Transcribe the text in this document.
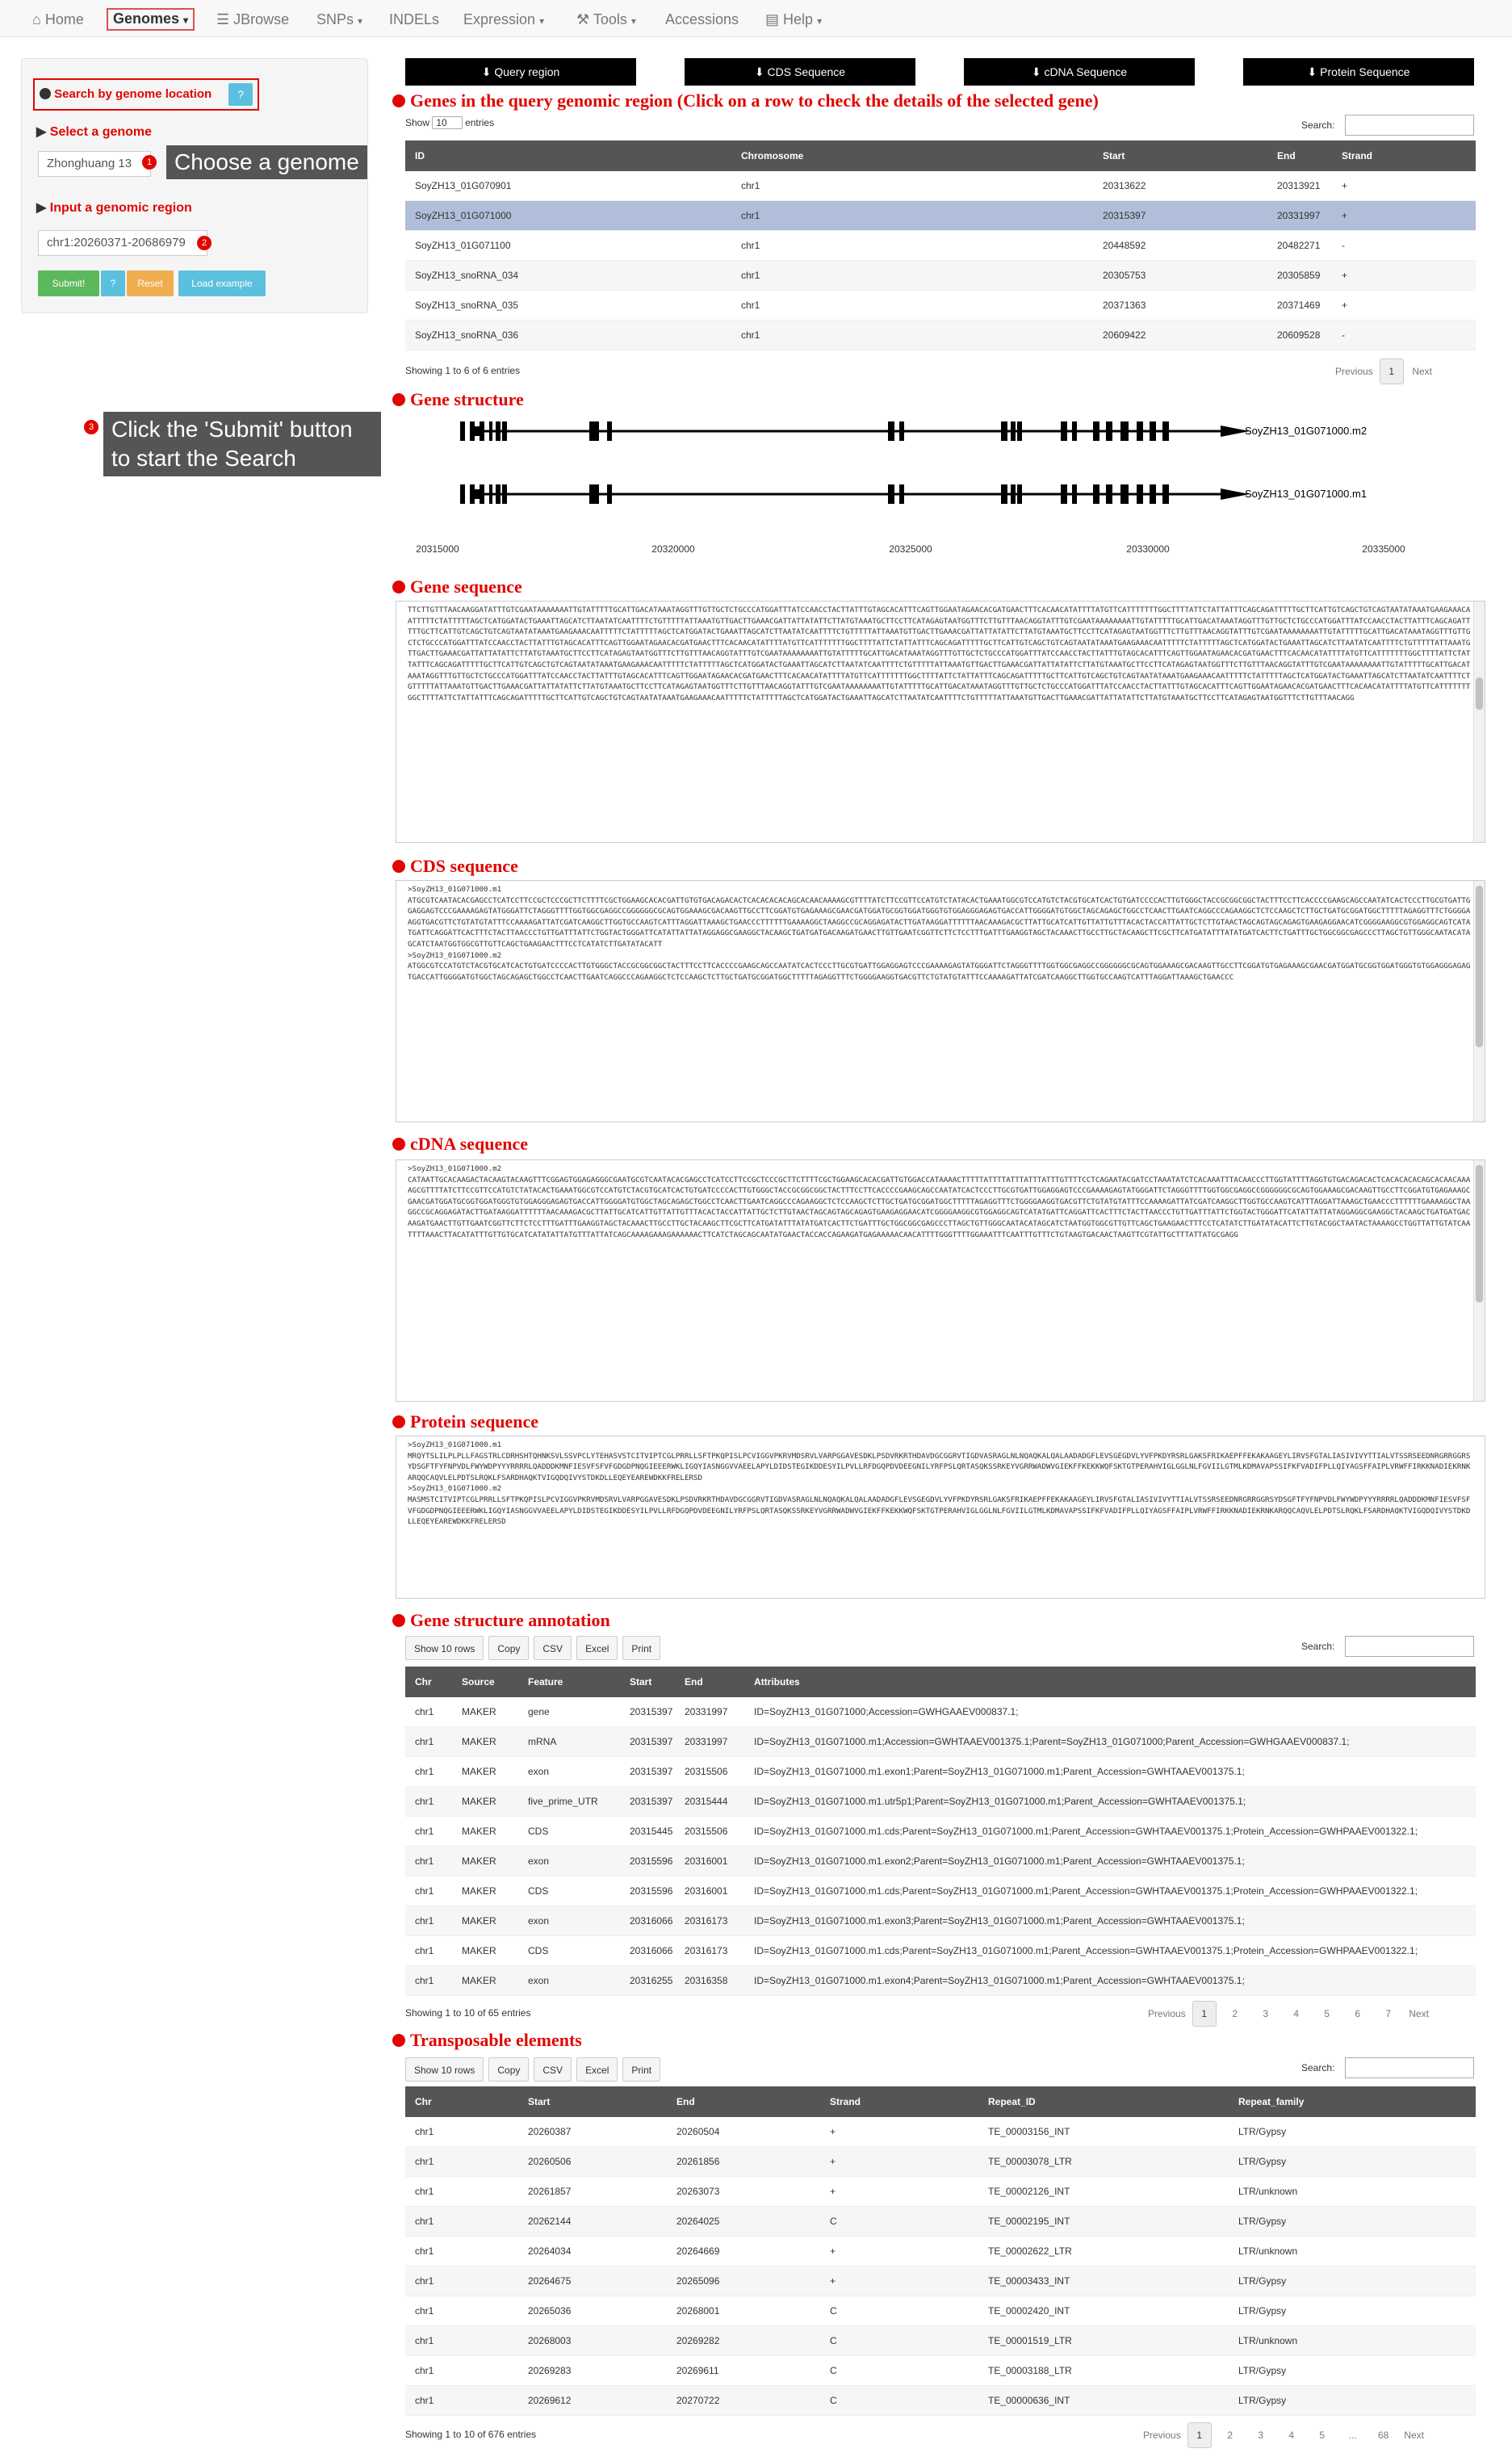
⌂ Home	Genomes ▾	☰ JBrowse SNPs ▾ INDELs Expression ▾ ⚒ Tools ▾ Accessions ▤ Help ▾
Search by genome location	?
▶ Select a genome
Zhonghuang 13
▶ Input a genomic region
chr1:20260371-20686979
Submit!	?	Reset	Load example
1 Choose a genome
2
3 Click the 'Submit' button
to start the Search
⬇ Query region	⬇ CDS Sequence	⬇ cDNA Sequence	⬇ Protein Sequence
Genes in the query genomic region (Click on a row to check the details of the selected gene)
Show 10 entries	Search:
ID	Chromosome	Start	End	Strand
SoyZH13_01G070901	chr1	20313622	20313921 +
SoyZH13_01G071000	chr1	20315397	20331997 +
SoyZH13_01G071100	chr1	20448592	20482271 -
SoyZH13_snoRNA_034	chr1	20305753	20305859 +
SoyZH13_snoRNA_035	chr1	20371363	20371469 +
SoyZH13_snoRNA_036	chr1	20609422	20609528 -
Showing 1 to 6 of 6 entries	Previous 1 Next
Gene structure
SoyZH13_01G071000.m2
SoyZH13_01G071000.m1
20315000	20320000	20325000	20330000	20335000
Gene sequence
TTCTTGTTTAACAAGGATATTTGTCGAATAAAAAAATTGTATTTTTGCATTGACATAAATAGGTTTGTTGCTCTGCCCATGGATTTATCCAACCTACTTATTTGTAGCACATTTCAGTTGGAATAGAACACGATGAACTTTCACAACATATTTTATGTTCATTTTTTTGGCTTTTATTCTATTATTTCAGCAGATTTTTGCTTCATTGTCAGCTGTCAGTAATATAAATGAAGAAACAATTTTTCTATTTTTAGCTCATGGATACTGAAATTAGCATCTTAATATCAATTTTCTGTTTTTATTAAATGTTGACTTGAAACGATTATTATATTCTTATGTAAATGCTTCCTTCATAGAGTAATGGTTTCTTGTTTAACAGGTATTTGTCGAATAAAAAAAATTGTATTTTTGCATTGACATAAATAGGTTTGTTGCTCTGCCCATGGATTTATCCAACCTACTTATTTCAGCAGATTTTTGCTTCATTGTCAGCTGTCAGTAATATAAATGAAGAAACAATTTTTCTATTTTTAGCTCATGGATACTGAAATTAGCATCTTAATATCAATTTTCTGTTTTTATTAAATGTTGACTTGAAACGATTATTATATTCTTATGTAAATGCTTCCTTCATAGAGTAATGGTTTCTTGTTTAACAGGTATTTGTCGAATAAAAAAAATTGTATTTTTGCATTGACATAAATAGGTTTGTTGCTCTGCCCATGGATTTATCCAACCTACTTATTTGTAGCACATTTCAGTTGGAATAGAACACGATGAACTTTCACAACATATTTTATGTTCATTTTTTTGGCTTTTATTCTATTATTTCAGCAGATTTTTGCTTCATTGTCAGCTGTCAGTAATATAAATGAAGAAACAATTTTTCTATTTTTAGCTCATGGATACTGAAATTAGCATCTTAATATCAATTTTCTGTTTTTATTAAATGTTGACTTGAAACGATTATTATATTCTTATGTAAATGCTTCCTTCATAGAGTAATGGTTTCTTGTTTAACAGGTATTTGTCGAATAAAAAAAATTGTATTTTTGCATTGACATAAATAGGTTTGTTGCTCTGCCCATGGATTTATCCAACCTACTTATTTGTAGCACATTTCAGTTGGAATAGAACACGATGAACTTTCACAACATATTTTATGTTCATTTTTTTGGCTTTTATTCTATTATTTCAGCAGATTTTTGCTTCATTGTCAGCTGTCAGTAATATAAATGAAGAAACAATTTTTCTATTTTTAGCTCATGGATACTGAAATTAGCATCTTAATATCAATTTTCTGTTTTTATTAAATGTTGACTTGAAACGATTATTATATTCTTATGTAAATGCTTCCTTCATAGAGTAATGGTTTCTTGTTTAACAGGTATTTGTCGAATAAAAAAAATTGTATTTTTGCATTGACATAAATAGGTTTGTTGCTCTGCCCATGGATTTATCCAACCTACTTATTTGTAGCACATTTCAGTTGGAATAGAACACGATGAACTTTCACAACATATTTTATGTTCATTTTTTTGGCTTTTATTCTATTATTTCAGCAGATTTTTGCTTCATTGTCAGCTGTCAGTAATATAAATGAAGAAACAATTTTTCTATTTTTAGCTCATGGATACTGAAATTAGCATCTTAATATCAATTTTCTGTTTTTATTAAATGTTGACTTGAAACGATTATTATATTCTTATGTAAATGCTTCCTTCATAGAGTAATGGTTTCTTGTTTAACAGGTATTTGTCGAATAAAAAAAATTGTATTTTTGCATTGACATAAATAGGTTTGTTGCTCTGCCCATGGATTTATCCAACCTACTTATTTGTAGCACATTTCAGTTGGAATAGAACACGATGAACTTTCACAACATATTTTATGTTCATTTTTTTGGCTTTTATTCTATTATTTCAGCAGATTTTTGCTTCATTGTCAGCTGTCAGTAATATAAATGAAGAAACAATTTTTCTATTTTTAGCTCATGGATACTGAAATTAGCATCTTAATATCAATTTTCTGTTTTTATTAAATGTTGACTTGAAACGATTATTATATTCTTATGTAAATGCTTCCTTCATAGAGTAATGGTTTCTTGTTTAACAGG
CDS sequence
>SoyZH13_01G071000.m1
ATGCGTCAATACACGAGCCTCATCCTTCCGCTCCCGCTTCTTTTCGCTGGAAGCACACGATTGTGTGACAGACACTCACACACACAGCACAACAAAAGCGTTTTATCTTCCGTTCCATGTCTATACACTGAAATGGCGTCCATGTCTACGTGCATCACTGTGATCCCCACTTGTGGGCTACCGCGGCGGCTACTTTCCTTCACCCCGAAGCAGCCAATATCACTCCCTTGCGTGATTGGAGGAGTCCCGAAAAGAGTATGGGATTCTAGGGTTTTGGTGGCGAGGCCGGGGGGCGCAGTGGAAAGCGACAAGTTGCCTTCGGATGTGAGAAAGCGAACGATGGATGCGGTGGATGGGTGTGGAGGGAGAGTGACCATTGGGGATGTGGCTAGCAGAGCTGGCCTCAACTTGAATCAGGCCCAGAAGGCTCTCCAAGCTCTTGCTGATGCGGATGGCTTTTTAGAGGTTTCTGGGGAAGGTGACGTTCTGTATGTATTTCCAAAAGATTATCGATCAAGGCTTGGTGCCAAGTCATTTAGGATTAAAGCTGAACCCTTTTTTGAAAAGGCTAAGGCCGCAGGAGATACTTGATAAGGATTTTTTAACAAAGACGCTTATTGCATCATTGTTATTGTTTACACTACCATTATTGCTCTTGTAACTAGCAGTAGCAGAGTGAAGAGGAACATCGGGGAAGGCGTGGAGGCAGTCATATGATTCAGGATTCACTTTCTACTTAACCCTGTTGATTTATTCTGGTACTGGGATTCATATTATTATAGGAGGCGAAGGCTACAAGCTGATGATGACAAGATGAACTTGTTGAATCGGTTCTTCTCCTTTGATTTGAAGGTAGCTACAAACTTGCCTTGCTACAAGCTTCGCTTCATGATATTTATATGATCACTTCTGATTTGCTGGCGGCGAGCCCTTAGCTGTTGGGCAATACATAGCATCTAATGGTGGCGTTGTTCAGCTGAAGAACTTTCCTCATATCTTGATATACATT
>SoyZH13_01G071000.m2
ATGGCGTCCATGTCTACGTGCATCACTGTGATCCCCACTTGTGGGCTACCGCGGCGGCTACTTTCCTTCACCCCGAAGCAGCCAATATCACTCCCTTGCGTGATTGGAGGAGTCCCGAAAAGAGTATGGGATTCTAGGGTTTTGGTGGCGAGGCCGGGGGGCGCAGTGGAAAGCGACAAGTTGCCTTCGGATGTGAGAAAGCGAACGATGGATGCGGTGGATGGGTGTGGAGGGAGAGTGACCATTGGGGATGTGGCTAGCAGAGCTGGCCTCAACTTGAATCAGGCCCAGAAGGCTCTCCAAGCTCTTGCTGATGCGGATGGCTTTTTAGAGGTTTCTGGGGAAGGTGACGTTCTGTATGTATTTCCAAAAGATTATCGATCAAGGCTTGGTGCCAAGTCATTTAGGATTAAAGCTGAACCC
cDNA sequence
>SoyZH13_01G071000.m2
CATAATTGCACAAGACTACAAGTACAAGTTTCGGAGTGGAGAGGGCGAATGCGTCAATACACGAGCCTCATCCTTCCGCTCCCGCTTCTTTTCGCTGGAAGCACACGATTGTGGACCATAAAACTTTTTATTTTATTTATTTATTTGTTTTCCTCAGAATACGATCCTAAATATCTCACAAATTTACAACCCTTGGTATTTTAGGTGTGACAGACACTCACACACACAGCACAACAAAAGCGTTTTATCTTCCGTTCCATGTCTATACACTGAAATGGCGTCCATGTCTACGTGCATCACTGTGATCCCCACTTGTGGGCTACCGCGGCGGCTACTTTCCTTCACCCCGAAGCAGCCAATATCACTCCCTTGCGTGATTGGAGGAGTCCCGAAAAGAGTATGGGATTCTAGGGTTTTGGTGGCGAGGCCGGGGGGCGCAGTGGAAAGCGACAAGTTGCCTTCGGATGTGAGAAAGCGAACGATGGATGCGGTGGATGGGTGTGGAGGGAGAGTGACCATTGGGGATGTGGCTAGCAGAGCTGGCCTCAACTTGAATCAGGCCCAGAAGGCTCTCCAAGCTCTTGCTGATGCGGATGGCTTTTTAGAGGTTTCTGGGGAAGGTGACGTTCTGTATGTATTTCCAAAAGATTATCGATCAAGGCTTGGTGCCAAGTCATTTAGGATTAAAGCTGAACCCTTTTTTGAAAAGGCTAAGGCCGCAGGAGATACTTGATAAGGATTTTTTAACAAAGACGCTTATTGCATCATTGTTATTGTTTACACTACCATTATTGCTCTTGTAACTAGCAGTAGCAGAGTGAAGAGGAACATCGGGGAAGGCGTGGAGGCAGTCATATGATTCAGGATTCACTTTCTACTTAACCCTGTTGATTTATTCTGGTACTGGGATTCATATTATTATAGGAGGCGAAGGCTACAAGCTGATGATGACAAGATGAACTTGTTGAATCGGTTCTTCTCCTTTGATTTGAAGGTAGCTACAAACTTGCCTTGCTACAAGCTTCGCTTCATGATATTTATATGATCACTTCTGATTTGCTGGCGGCGAGCCCTTAGCTGTTGGGCAATACATAGCATCTAATGGTGGCGTTGTTCAGCTGAAGAACTTTCCTCATATCTTGATATACATTCTTGTACGGCTAATACTAAAAGCCTGGTTATTGTATCAATTTTAAACTTACATATTTGTTGTGCATCATATATTATGTTTATTATCAGCAAAAGAAAGAAAAAACTTCATCTAGCAGCAATATGAACTACCACCAGAAGATGAGAAAAACAACATTTTGGGTTTTGGAAATTTCAATTTGTTTCTGTAAGTGACAACTAAGTTCGTATTGCTTTATTATGCGAGG
Protein sequence
>SoyZH13_01G071000.m1
MRQYTSLILPLPLLFAGSTRLCDRHSHTQHNKSVLSSVPCLYTEHASVSTCITVIPTCGLPRRLLSFTPKQPISLPCVIGGVPKRVMDSRVLVARPGGAVESDKLPSDVRKRTHDAVDGCGGRVTIGDVASRAGLNLNQAQKALQALAADADGFLEVSGEGDVLYVFPKDYRSRLGAKSFRIKAEPFFEKAKAAGEYLIRVSFGTALIASIVIVYTTIALVTSSRSEEDNRGRRGGRSYDSGFTFYFNPVDLFWYWDPYYYRRRRLQADDDKMNFIESVFSFVFGDGDPNQGIEEERWKLIGQYIASNGGVVAEELAPYLDIDSTEGIKDDESYILPVLLRFDGQPDVDEEGNILYRFPSLQRTASQKSSRKEYVGRRWADWVGIEKFFKEKKWQFSKTGTPERAHVIGLGGLNLFGVIILGTMLKDMAVAPSSIFKFVADIFPLLQIYAGSFFAIPLVRWFFIRKKNADIEKRNKARQQCAQVLELPDTSLRQKLFSARDHAQKTVIGQDQIVYSTDKDLLEQEYEAREWDKKFRELERSD
>SoyZH13_01G071000.m2
MASMSTCITVIPTCGLPRRLLSFTPKQPISLPCVIGGVPKRVMDSRVLVARPGGAVESDKLPSDVRKRTHDAVDGCGGRVTIGDVASRAGLNLNQAQKALQALAADADGFLEVSGEGDVLYVFPKDYRSRLGAKSFRIKAEPFFEKAKAAGEYLIRVSFGTALIASIVIVYTTIALVTSSRSEEDNRGRRGGRSYDSGFTFYFNPVDLFWYWDPYYYRRRRLQADDDKMNFIESVFSFVFGDGDPNQGIEEERWKLIGQYIASNGGVVAEELAPYLDIDSTEGIKDDESYILPVLLRFDGQPDVDEEGNILYRFPSLQRTASQKSSRKEYVGRRWADWVGIEKFFKEKKWQFSKTGTPERAHVIGLGGLNLFGVIILGTMLKDMAVAPSSIFKFVADIFPLLQIYAGSFFAIPLVRWFFIRKKNADIEKRNKARQQCAQVLELPDTSLRQKLFSARDHAQKTVIGQDQIVYSTDKDLLEQEYEAREWDKKFRELERSD
Gene structure annotation
Show 10 rows Copy CSV Excel Print	Search:
Chr	Source	Feature	Start	End	Attributes
chr1	MAKER	gene	20315397 20331997	ID=SoyZH13_01G071000;Accession=GWHGAAEV000837.1;
chr1	MAKER	mRNA	20315397 20331997	ID=SoyZH13_01G071000.m1;Accession=GWHTAAEV001375.1;Parent=SoyZH13_01G071000;Parent_Accession=GWHGAAEV000837.1;
chr1	MAKER	exon	20315397 20315506	ID=SoyZH13_01G071000.m1.exon1;Parent=SoyZH13_01G071000.m1;Parent_Accession=GWHTAAEV001375.1;
chr1	MAKER	five_prime_UTR	20315397 20315444	ID=SoyZH13_01G071000.m1.utr5p1;Parent=SoyZH13_01G071000.m1;Parent_Accession=GWHTAAEV001375.1;
chr1	MAKER	CDS	20315445 20315506	ID=SoyZH13_01G071000.m1.cds;Parent=SoyZH13_01G071000.m1;Parent_Accession=GWHTAAEV001375.1;Protein_Accession=GWHPAAEV001322.1;
chr1	MAKER	exon	20315596 20316001	ID=SoyZH13_01G071000.m1.exon2;Parent=SoyZH13_01G071000.m1;Parent_Accession=GWHTAAEV001375.1;
chr1	MAKER	CDS	20315596 20316001	ID=SoyZH13_01G071000.m1.cds;Parent=SoyZH13_01G071000.m1;Parent_Accession=GWHTAAEV001375.1;Protein_Accession=GWHPAAEV001322.1;
chr1	MAKER	exon	20316066 20316173	ID=SoyZH13_01G071000.m1.exon3;Parent=SoyZH13_01G071000.m1;Parent_Accession=GWHTAAEV001375.1;
chr1	MAKER	CDS	20316066 20316173	ID=SoyZH13_01G071000.m1.cds;Parent=SoyZH13_01G071000.m1;Parent_Accession=GWHTAAEV001375.1;Protein_Accession=GWHPAAEV001322.1;
chr1	MAKER	exon	20316255 20316358	ID=SoyZH13_01G071000.m1.exon4;Parent=SoyZH13_01G071000.m1;Parent_Accession=GWHTAAEV001375.1;
Showing 1 to 10 of 65 entries	Previous 1	2	3	4	5	6	7 Next
Transposable elements
Show 10 rows Copy CSV Excel Print	Search:
Chr	Start	End	Strand	Repeat_ID	Repeat_family
chr1	20260387	20260504	+	TE_00003156_INT	LTR/Gypsy
chr1	20260506	20261856	+	TE_00003078_LTR	LTR/Gypsy
chr1	20261857	20263073	+	TE_00002126_INT	LTR/unknown
chr1	20262144	20264025	C	TE_00002195_INT	LTR/Gypsy
chr1	20264034	20264669	+	TE_00002622_LTR	LTR/unknown
chr1	20264675	20265096	+	TE_00003433_INT	LTR/Gypsy
chr1	20265036	20268001	C	TE_00002420_INT	LTR/Gypsy
chr1	20268003	20269282	C	TE_00001519_LTR	LTR/unknown
chr1	20269283	20269611	C	TE_00003188_LTR	LTR/Gypsy
chr1	20269612	20270722	C	TE_00000636_INT	LTR/Gypsy
Showing 1 to 10 of 676 entries	Previous 1	2	3	4	5 ... 68 Next
